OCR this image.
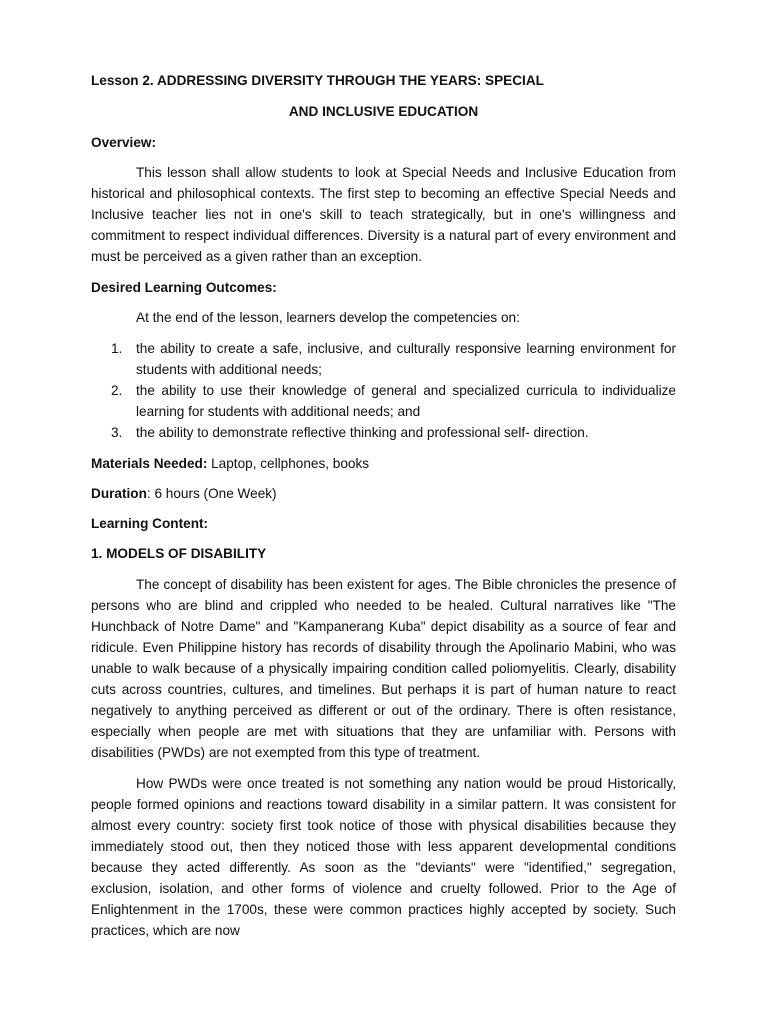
Lesson 2. ADDRESSING DIVERSITY THROUGH THE YEARS: SPECIAL
AND INCLUSIVE EDUCATION
Overview:

This lesson shall allow students to look at Special Needs and Inclusive Education from historical and philosophical contexts. The first step to becoming an effective Special Needs and Inclusive teacher lies not in one's skill to teach strategically, but in one's willingness and commitment to respect individual differences. Diversity is a natural part of every environment and must be perceived as a given rather than an exception.

Desired Learning Outcomes:

At the end of the lesson, learners develop the competencies on:

1. the ability to create a safe, inclusive, and culturally responsive learning environment for students with additional needs;
2. the ability to use their knowledge of general and specialized curricula to individualize learning for students with additional needs; and
3. the ability to demonstrate reflective thinking and professional self- direction.

Materials Needed: Laptop, cellphones, books

Duration: 6 hours (One Week)

Learning Content:
1. MODELS OF DISABILITY

The concept of disability has been existent for ages. The Bible chronicles the presence of persons who are blind and crippled who needed to be healed. Cultural narratives like "The Hunchback of Notre Dame" and "Kampanerang Kuba" depict disability as a source of fear and ridicule. Even Philippine history has records of disability through the Apolinario Mabini, who was unable to walk because of a physically impairing condition called poliomyelitis. Clearly, disability cuts across countries, cultures, and timelines. But perhaps it is part of human nature to react negatively to anything perceived as different or out of the ordinary. There is often resistance, especially when people are met with situations that they are unfamiliar with. Persons with disabilities (PWDs) are not exempted from this type of treatment.

How PWDs were once treated is not something any nation would be proud Historically, people formed opinions and reactions toward disability in a similar pattern. It was consistent for almost every country: society first took notice of those with physical disabilities because they immediately stood out, then they noticed those with less apparent developmental conditions because they acted differently. As soon as the "deviants" were "identified," segregation, exclusion, isolation, and other forms of violence and cruelty followed. Prior to the Age of Enlightenment in the 1700s, these were common practices highly accepted by society. Such practices, which are now
